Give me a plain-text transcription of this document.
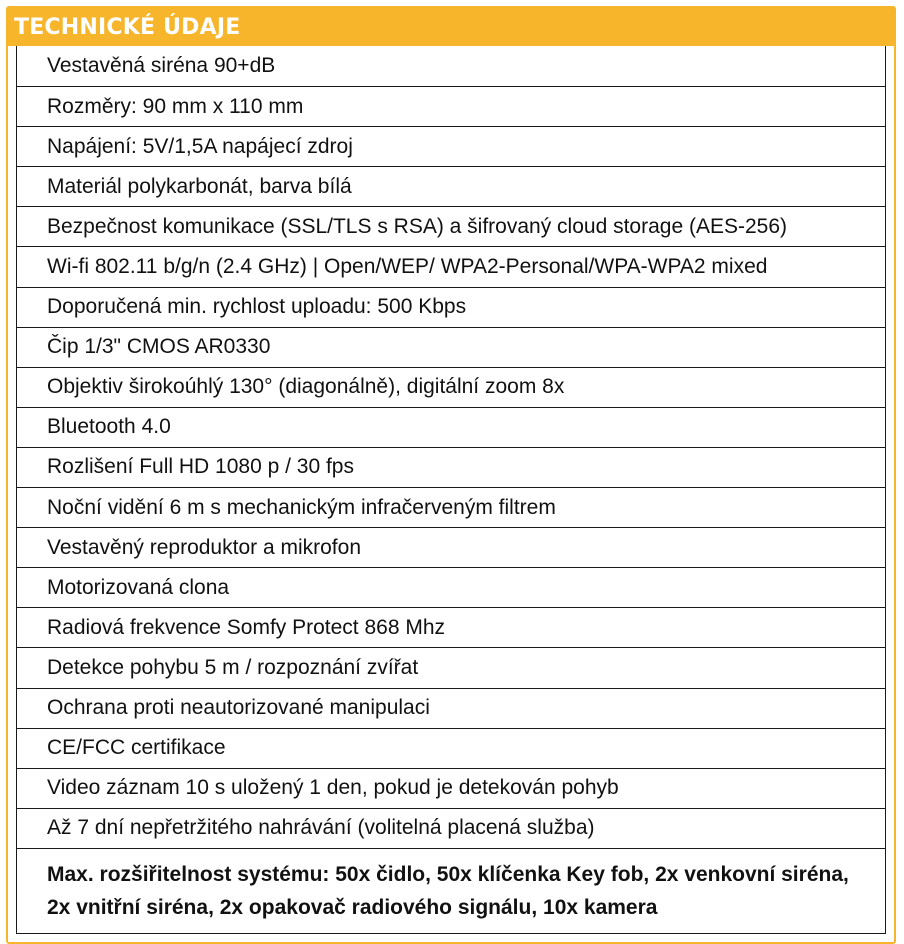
TECHNICKÉ ÚDAJE
Vestavěná siréna 90+dB
Rozměry: 90 mm x 110 mm
Napájení: 5V/1,5A napájecí zdroj
Materiál polykarbonát, barva bílá
Bezpečnost komunikace (SSL/TLS s RSA) a šifrovaný cloud storage (AES-256)
Wi-fi 802.11 b/g/n (2.4 GHz) | Open/WEP/ WPA2-Personal/WPA-WPA2 mixed
Doporučená min. rychlost uploadu: 500 Kbps
Čip 1/3" CMOS AR0330
Objektiv širokoúhlý 130° (diagonálně), digitální zoom 8x
Bluetooth 4.0
Rozlišení Full HD 1080 p / 30 fps
Noční vidění 6 m s mechanickým infračerveným filtrem
Vestavěný reproduktor a mikrofon
Motorizovaná clona
Radiová frekvence Somfy Protect 868 Mhz
Detekce pohybu 5 m / rozpoznání zvířat
Ochrana proti neautorizované manipulaci
CE/FCC certifikace
Video záznam 10 s uložený 1 den, pokud je detekován pohyb
Až 7 dní nepřetržitého nahrávání (volitelná placená služba)
Max. rozšiřitelnost systému: 50x čidlo, 50x klíčenka Key fob, 2x venkovní siréna, 2x vnitřní siréna, 2x opakovač radiového signálu, 10x kamera
